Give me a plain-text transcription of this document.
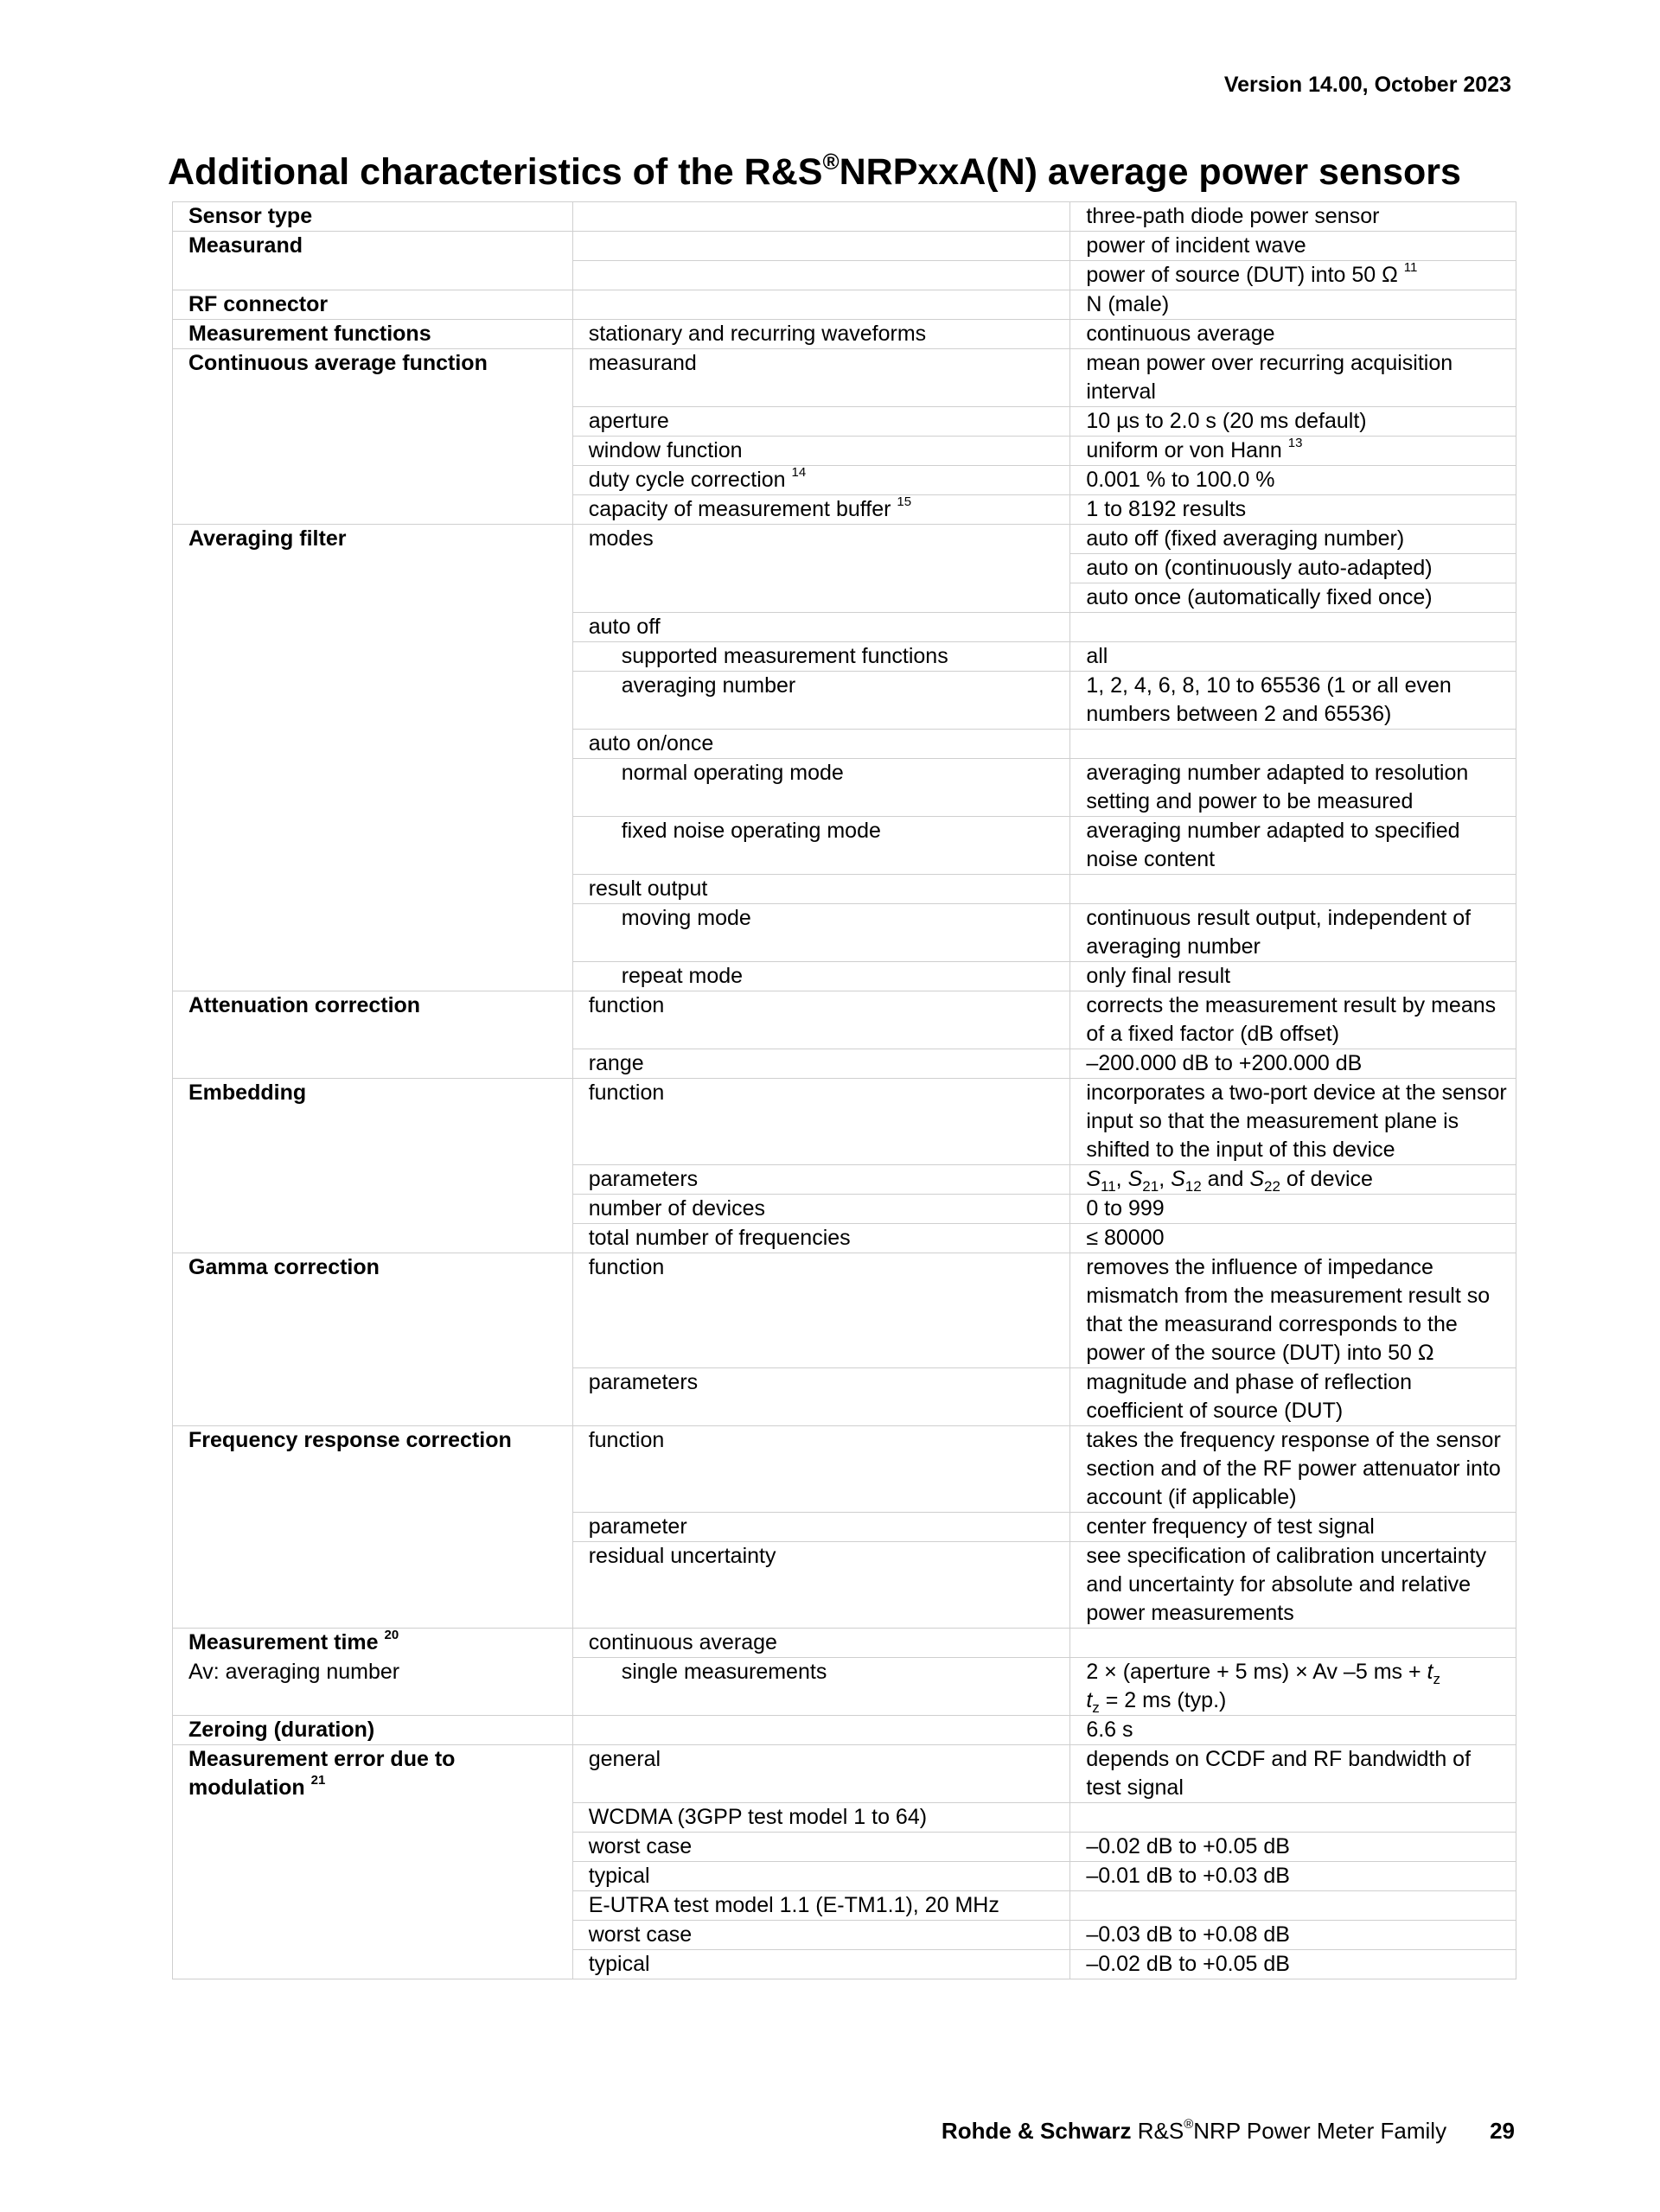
Version 14.00, October 2023
Additional characteristics of the R&S®NRPxxA(N) average power sensors
Sensor type		three-path diode power sensor
Measurand		power of incident wave
		power of source (DUT) into 50 Ω $^{11}$
RF connector		N (male)
Measurement functions	stationary and recurring waveforms	continuous average
Continuous average function	measurand	mean power over recurring acquisition interval
	aperture	10 µs to 2.0 s (20 ms default)
	window function	uniform or von Hann $^{13}$
	duty cycle correction $^{14}$	0.001 % to 100.0 %
	capacity of measurement buffer $^{15}$	1 to 8192 results
Averaging filter	modes	auto off (fixed averaging number)
		auto on (continuously auto-adapted)
		auto once (automatically fixed once)
	auto off	
	supported measurement functions	all
	averaging number	1, 2, 4, 6, 8, 10 to 65536 (1 or all even numbers between 2 and 65536)
	auto on/once	
	normal operating mode	averaging number adapted to resolution setting and power to be measured
	fixed noise operating mode	averaging number adapted to specified noise content
	result output	
	moving mode	continuous result output, independent of averaging number
	repeat mode	only final result
Attenuation correction	function	corrects the measurement result by means of a fixed factor (dB offset)
	range	–200.000 dB to +200.000 dB
Embedding	function	incorporates a two-port device at the sensor input so that the measurement plane is shifted to the input of this device
	parameters	$S_{11}$, $S_{21}$, $S_{12}$ and $S_{22}$ of device
	number of devices	0 to 999
	total number of frequencies	≤ 80000
Gamma correction	function	removes the influence of impedance mismatch from the measurement result so that the measurand corresponds to the power of the source (DUT) into 50 Ω
	parameters	magnitude and phase of reflection coefficient of source (DUT)
Frequency response correction	function	takes the frequency response of the sensor section and of the RF power attenuator into account (if applicable)
	parameter	center frequency of test signal
	residual uncertainty	see specification of calibration uncertainty and uncertainty for absolute and relative power measurements
Measurement time $^{20}$	continuous average	
Av: averaging number	single measurements	2 × (aperture + 5 ms) × Av –5 ms + $t_z$
$t_z = 2$ ms (typ.)
Zeroing (duration)		6.6 s
Measurement error due to modulation $^{21}$	general	depends on CCDF and RF bandwidth of test signal
	WCDMA (3GPP test model 1 to 64)	
	worst case	–0.02 dB to +0.05 dB
	typical	–0.01 dB to +0.03 dB
	E-UTRA test model 1.1 (E-TM1.1), 20 MHz	
	worst case	–0.03 dB to +0.08 dB
	typical	–0.02 dB to +0.05 dB
Rohde & Schwarz R&S®NRP Power Meter Family 29
